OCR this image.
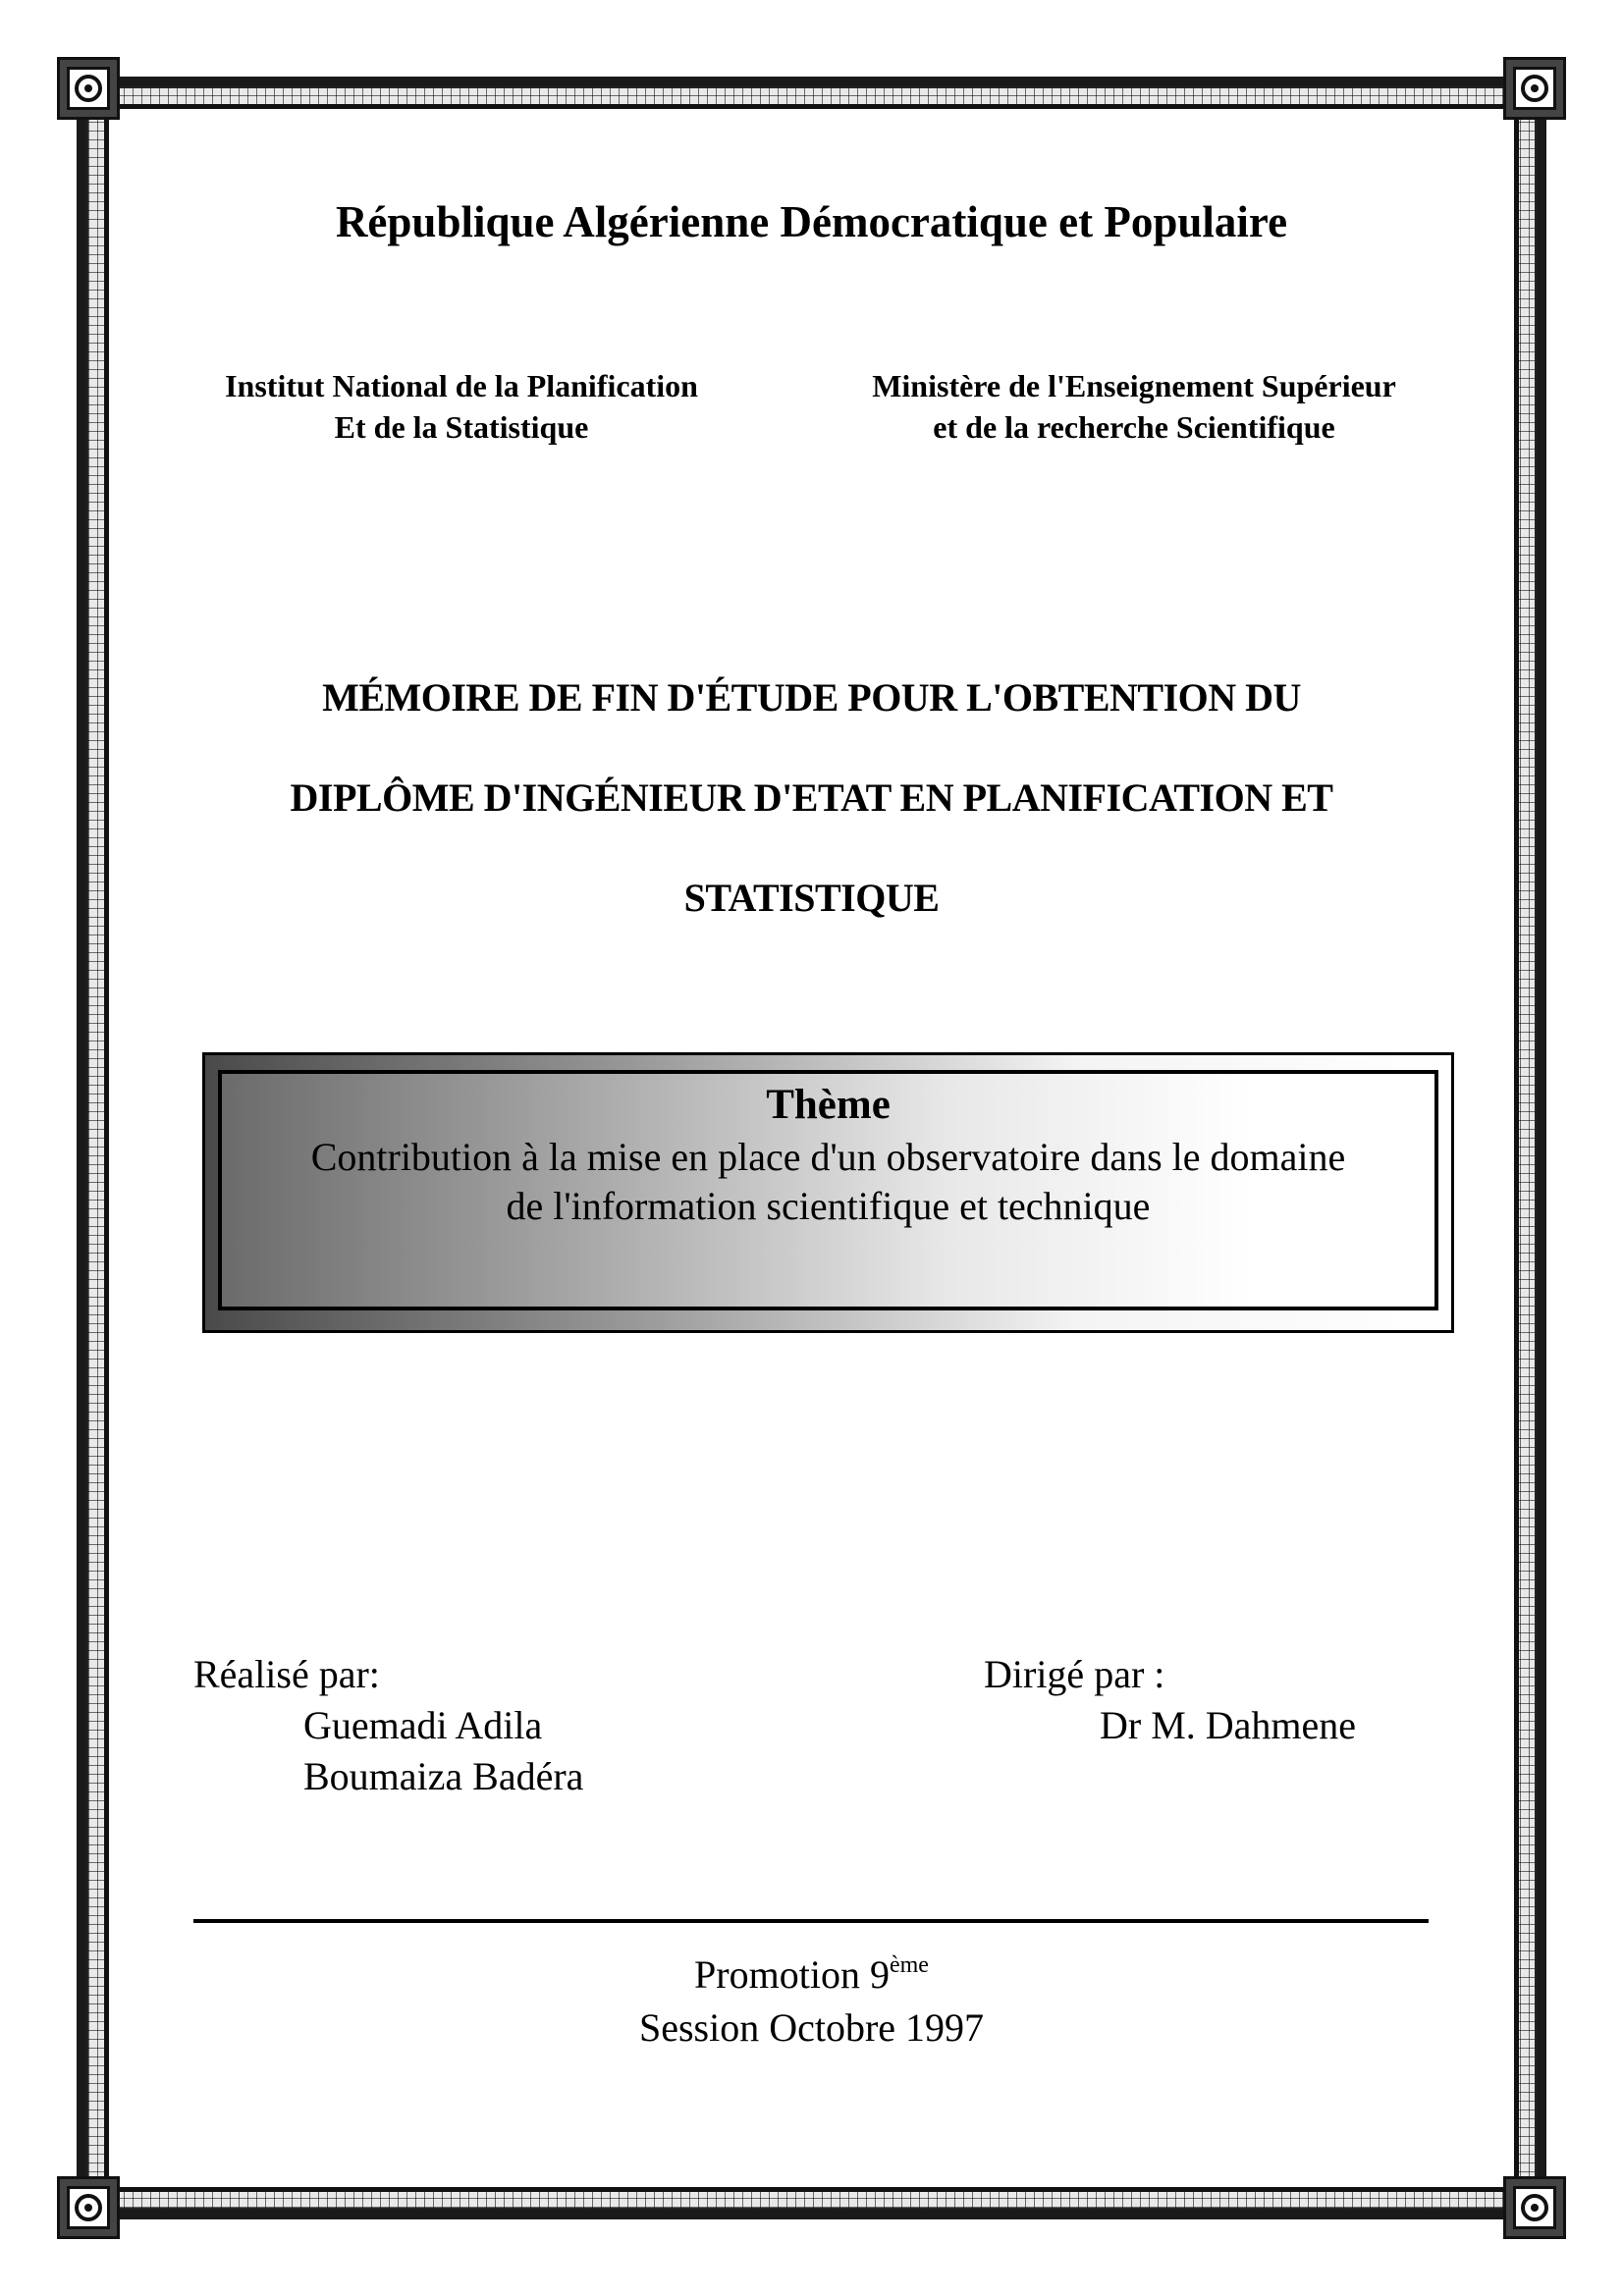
République Algérienne Démocratique et Populaire
Institut National de la Planification
Et de la Statistique
Ministère de l'Enseignement Supérieur
et de la recherche Scientifique
MÉMOIRE DE FIN D'ÉTUDE POUR L'OBTENTION DU
DIPLÔME D'INGÉNIEUR D'ETAT EN PLANIFICATION ET
STATISTIQUE
Thème
Contribution à la mise en place d'un observatoire dans le domaine
de l'information scientifique et technique
Réalisé par:
Guemadi Adila
Boumaiza Badéra
Dirigé par :
Dr M. Dahmene
Promotion 9ème
Session Octobre 1997
